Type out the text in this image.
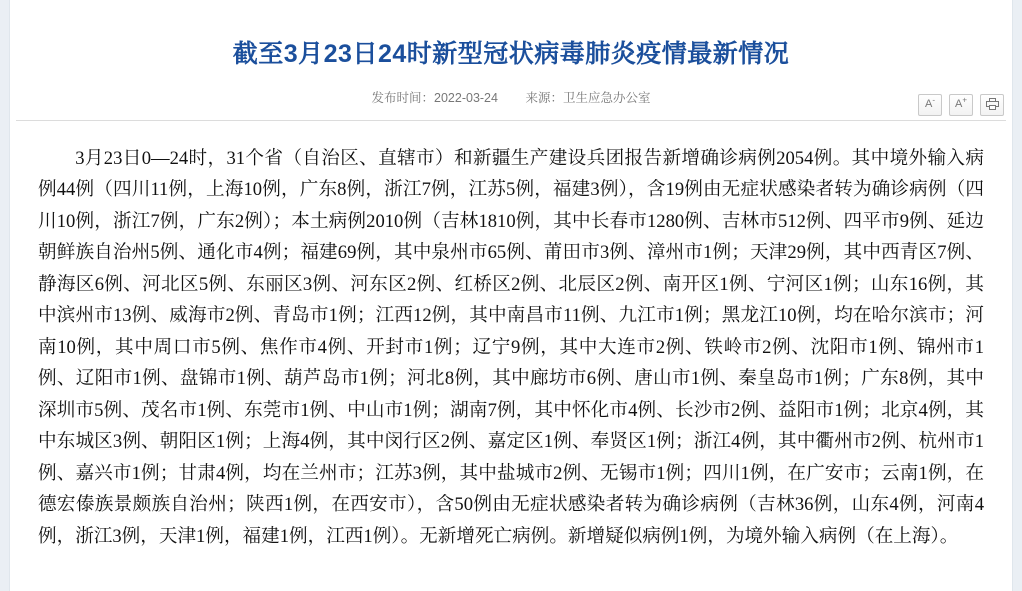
截至3月23日24时新型冠状病毒肺炎疫情最新情况
发布时间：2022-03-24 来源：卫生应急办公室	A-	A+
3月23日0—24时，31个省（自治区、直辖市）和新疆生产建设兵团报告新增确诊病例2054例。其中境外输入病例44例（四川11例，上海10例，广东8例，浙江7例，江苏5例，福建3例），含19例由无症状感染者转为确诊病例（四川10例，浙江7例，广东2例）；本土病例2010例（吉林1810例，其中长春市1280例、吉林市512例、四平市9例、延边朝鲜族自治州5例、通化市4例；福建69例，其中泉州市65例、莆田市3例、漳州市1例；天津29例，其中西青区7例、静海区6例、河北区5例、东丽区3例、河东区2例、红桥区2例、北辰区2例、南开区1例、宁河区1例；山东16例，其中滨州市13例、威海市2例、青岛市1例；江西12例，其中南昌市11例、九江市1例；黑龙江10例，均在哈尔滨市；河南10例，其中周口市5例、焦作市4例、开封市1例；辽宁9例，其中大连市2例、铁岭市2例、沈阳市1例、锦州市1例、辽阳市1例、盘锦市1例、葫芦岛市1例；河北8例，其中廊坊市6例、唐山市1例、秦皇岛市1例；广东8例，其中深圳市5例、茂名市1例、东莞市1例、中山市1例；湖南7例，其中怀化市4例、长沙市2例、益阳市1例；北京4例，其中东城区3例、朝阳区1例；上海4例，其中闵行区2例、嘉定区1例、奉贤区1例；浙江4例，其中衢州市2例、杭州市1例、嘉兴市1例；甘肃4例，均在兰州市；江苏3例，其中盐城市2例、无锡市1例；四川1例，在广安市；云南1例，在德宏傣族景颇族自治州；陕西1例，在西安市），含50例由无症状感染者转为确诊病例（吉林36例，山东4例，河南4例，浙江3例，天津1例，福建1例，江西1例）。无新增死亡病例。新增疑似病例1例，为境外输入病例（在上海）。
